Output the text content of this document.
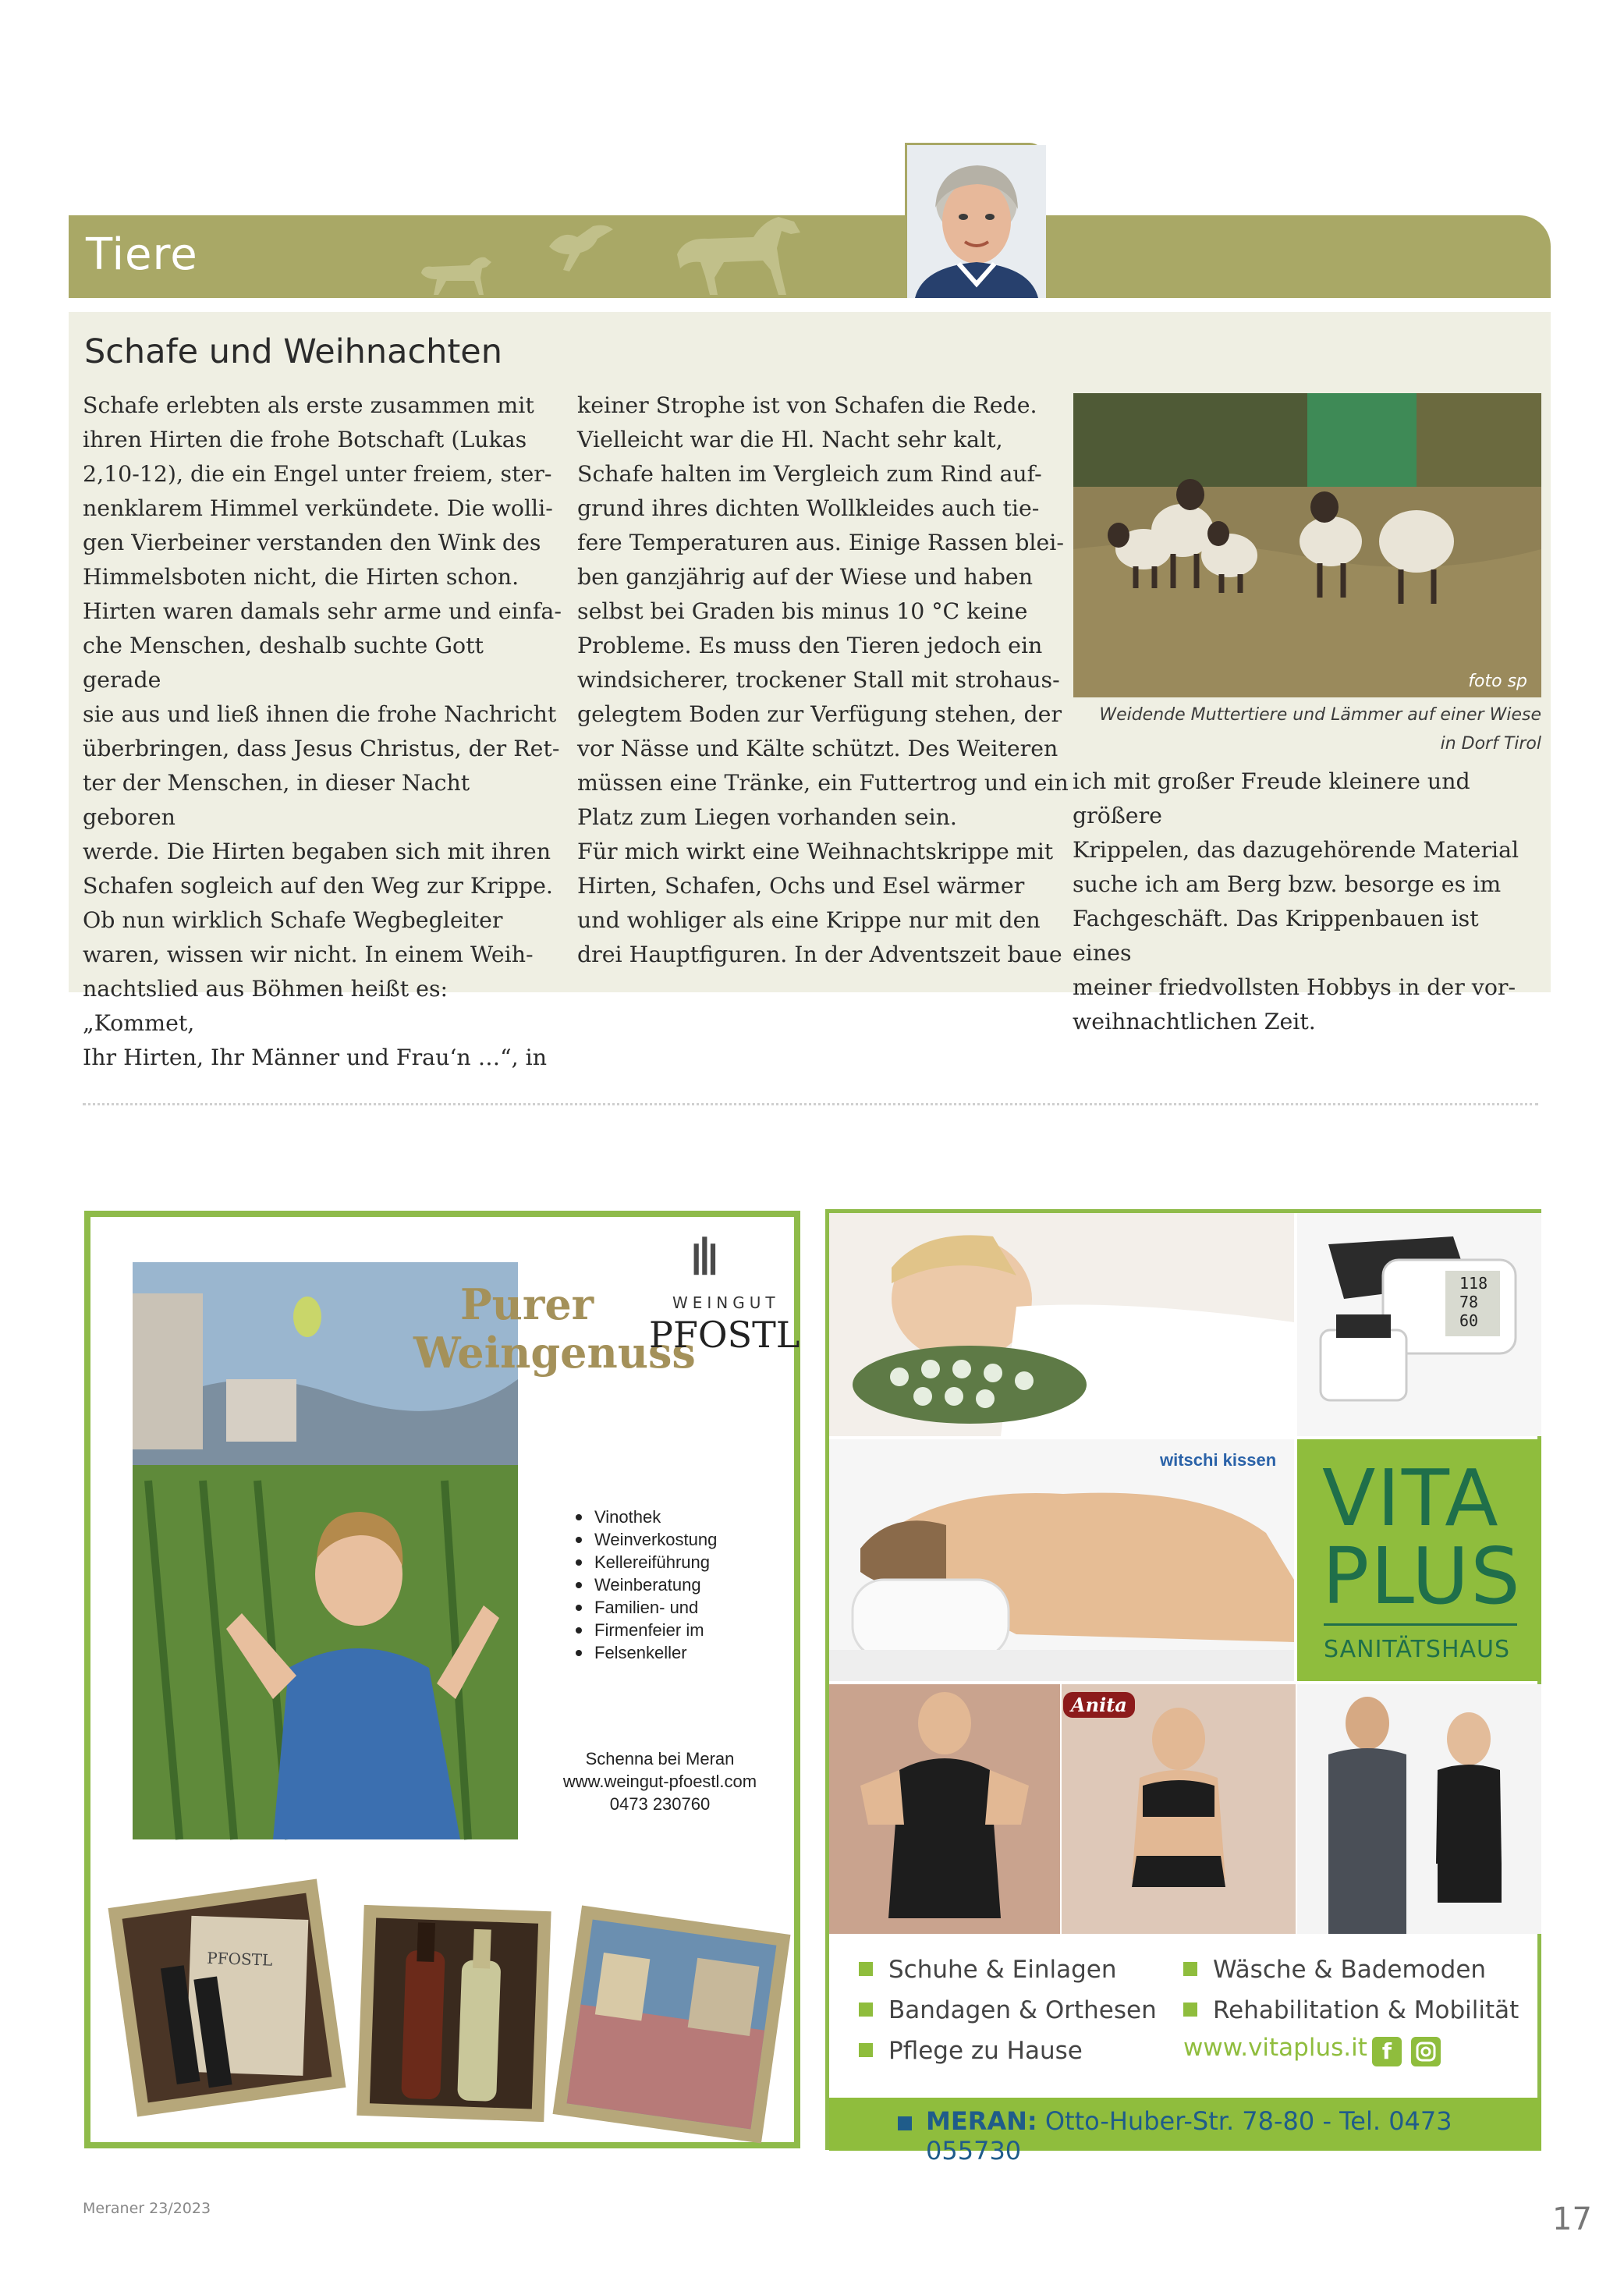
Tiere
Schafe und Weihnachten

Schafe erlebten als erste zusammen mit

ihren Hirten die frohe Botschaft (Lukas

2,10-12), die ein Engel unter freiem, ster-

nenklarem Himmel verkündete. Die wolli-

gen Vierbeiner verstanden den Wink des

Himmelsboten nicht, die Hirten schon.

Hirten waren damals sehr arme und einfa-

che Menschen, deshalb suchte Gott gerade

sie aus und ließ ihnen die frohe Nachricht

überbringen, dass Jesus Christus, der Ret-

ter der Menschen, in dieser Nacht geboren

werde. Die Hirten begaben sich mit ihren

Schafen sogleich auf den Weg zur Krippe.

Ob nun wirklich Schafe Wegbegleiter

waren, wissen wir nicht. In einem Weih-

nachtslied aus Böhmen heißt es: „Kommet,

Ihr Hirten, Ihr Männer und Frau‘n …“, in

keiner Strophe ist von Schafen die Rede.

Vielleicht war die Hl. Nacht sehr kalt,

Schafe halten im Vergleich zum Rind auf-

grund ihres dichten Wollkleides auch tie-

fere Temperaturen aus. Einige Rassen blei-

ben ganzjährig auf der Wiese und haben

selbst bei Graden bis minus 10 °C keine

Probleme. Es muss den Tieren jedoch ein

windsicherer, trockener Stall mit strohaus-

gelegtem Boden zur Verfügung stehen, der

vor Nässe und Kälte schützt. Des Weiteren

müssen eine Tränke, ein Futtertrog und ein

Platz zum Liegen vorhanden sein.

Für mich wirkt eine Weihnachtskrippe mit

Hirten, Schafen, Ochs und Esel wärmer

und wohliger als eine Krippe nur mit den

drei Hauptfiguren. In der Adventszeit baue

foto sp
Weidende Muttertiere und Lämmer auf einer Wiese
in Dorf Tirol

ich mit großer Freude kleinere und größere

Krippelen, das dazugehörende Material

suche ich am Berg bzw. besorge es im

Fachgeschäft. Das Krippenbauen ist eines

meiner friedvollsten Hobbys in der vor-

weihnachtlichen Zeit.

Purer
Weingenuss
WEINGUT
PFOSTL
Vinothek
Weinverkostung
Kellereiführung
Weinberatung
Familien- und
Firmenfeier im
Felsenkeller
Schenna bei Meran
www.weingut-pfoestl.com
0473 230760
PFOSTL
118
78
60
witschi kissen VITA
PLUS
SANITÄTSHAUS
Anita
Schuhe & Einlagen
Bandagen & Orthesen
Pflege zu Hause
Wäsche & Bademoden
Rehabilitation & Mobilität
www.vitaplus.it f
MERAN: Otto-Huber-Str. 78-80 - Tel. 0473 055730
Meraner 23/2023	17
